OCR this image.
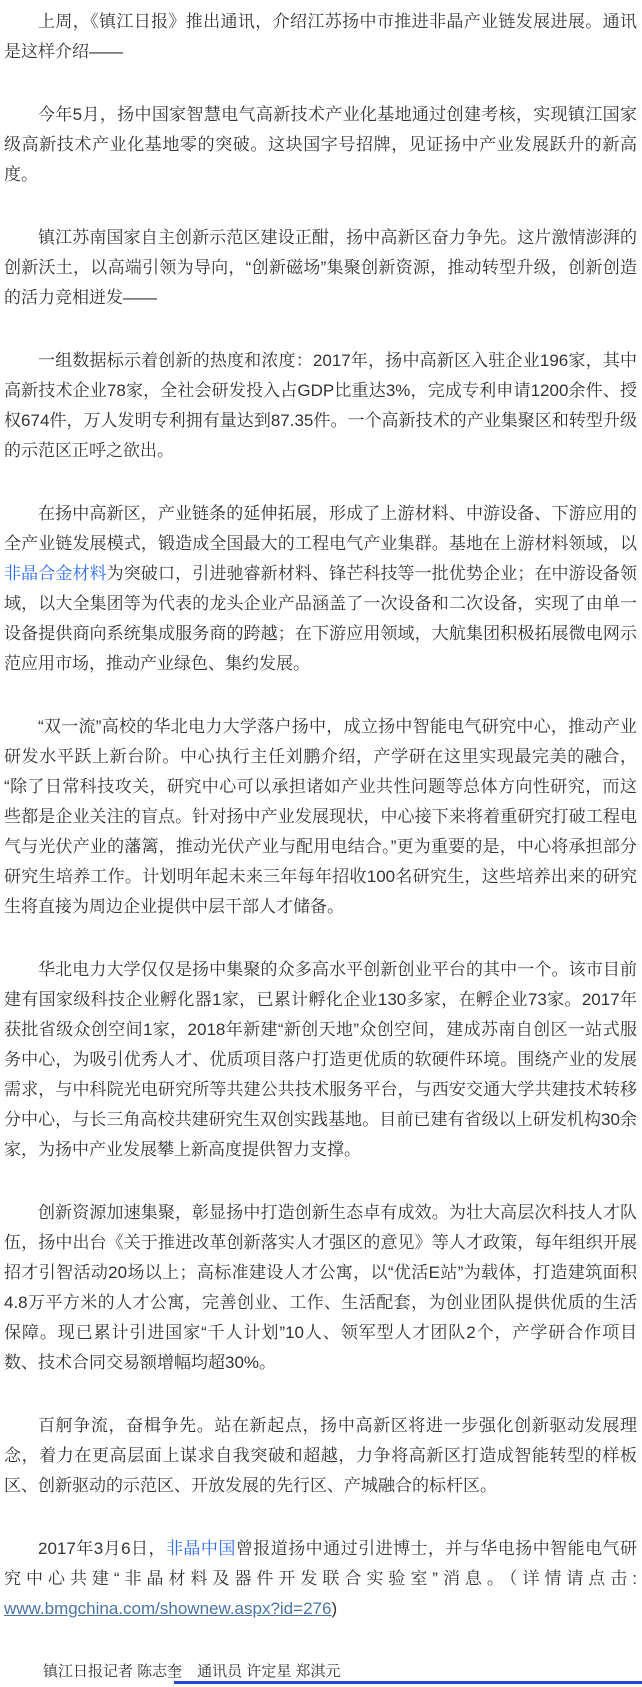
上周，《镇江日报》推出通讯，介绍江苏扬中市推进非晶产业链发展进展。通讯是这样介绍——

今年5月，扬中国家智慧电气高新技术产业化基地通过创建考核，实现镇江国家级高新技术产业化基地零的突破。这块国字号招牌，见证扬中产业发展跃升的新高度。

镇江苏南国家自主创新示范区建设正酣，扬中高新区奋力争先。这片激情澎湃的创新沃土，以高端引领为导向，“创新磁场”集聚创新资源，推动转型升级，创新创造的活力竞相迸发——

一组数据标示着创新的热度和浓度：2017年，扬中高新区入驻企业196家，其中高新技术企业78家，全社会研发投入占GDP比重达3%，完成专利申请1200余件、授权674件，万人发明专利拥有量达到87.35件。一个高新技术的产业集聚区和转型升级的示范区正呼之欲出。

在扬中高新区，产业链条的延伸拓展，形成了上游材料、中游设备、下游应用的全产业链发展模式，锻造成全国最大的工程电气产业集群。基地在上游材料领域，以非晶合金材料为突破口，引进驰睿新材料、锋芒科技等一批优势企业；在中游设备领域，以大全集团等为代表的龙头企业产品涵盖了一次设备和二次设备，实现了由单一设备提供商向系统集成服务商的跨越；在下游应用领域，大航集团积极拓展微电网示范应用市场，推动产业绿色、集约发展。

“双一流”高校的华北电力大学落户扬中，成立扬中智能电气研究中心，推动产业研发水平跃上新台阶。中心执行主任刘鹏介绍，产学研在这里实现最完美的融合，“除了日常科技攻关，研究中心可以承担诸如产业共性问题等总体方向性研究，而这些都是企业关注的盲点。针对扬中产业发展现状，中心接下来将着重研究打破工程电气与光伏产业的藩篱，推动光伏产业与配用电结合。”更为重要的是，中心将承担部分研究生培养工作。计划明年起未来三年每年招收100名研究生，这些培养出来的研究生将直接为周边企业提供中层干部人才储备。

华北电力大学仅仅是扬中集聚的众多高水平创新创业平台的其中一个。该市目前建有国家级科技企业孵化器1家，已累计孵化企业130多家，在孵企业73家。2017年获批省级众创空间1家，2018年新建“新创天地”众创空间，建成苏南自创区一站式服务中心，为吸引优秀人才、优质项目落户打造更优质的软硬件环境。围绕产业的发展需求，与中科院光电研究所等共建公共技术服务平台，与西安交通大学共建技术转移分中心，与长三角高校共建研究生双创实践基地。目前已建有省级以上研发机构30余家，为扬中产业发展攀上新高度提供智力支撑。

创新资源加速集聚，彰显扬中打造创新生态卓有成效。为壮大高层次科技人才队伍，扬中出台《关于推进改革创新落实人才强区的意见》等人才政策，每年组织开展招才引智活动20场以上；高标准建设人才公寓，以“优活E站”为载体，打造建筑面积4.8万平方米的人才公寓，完善创业、工作、生活配套，为创业团队提供优质的生活保障。现已累计引进国家“千人计划”10人、领军型人才团队2个，产学研合作项目数、技术合同交易额增幅均超30%。

百舸争流，奋楫争先。站在新起点，扬中高新区将进一步强化创新驱动发展理念，着力在更高层面上谋求自我突破和超越，力争将高新区打造成智能转型的样板区、创新驱动的示范区、开放发展的先行区、产城融合的标杆区。

2017年3月6日，非晶中国曾报道扬中通过引进博士，并与华电扬中智能电气研究中心共建“非晶材料及器件开发联合实验室”消息。（详情请点击:www.bmgchina.com/shownew.aspx?id=276)

镇江日报记者 陈志奎　通讯员 许定星 郑淇元
